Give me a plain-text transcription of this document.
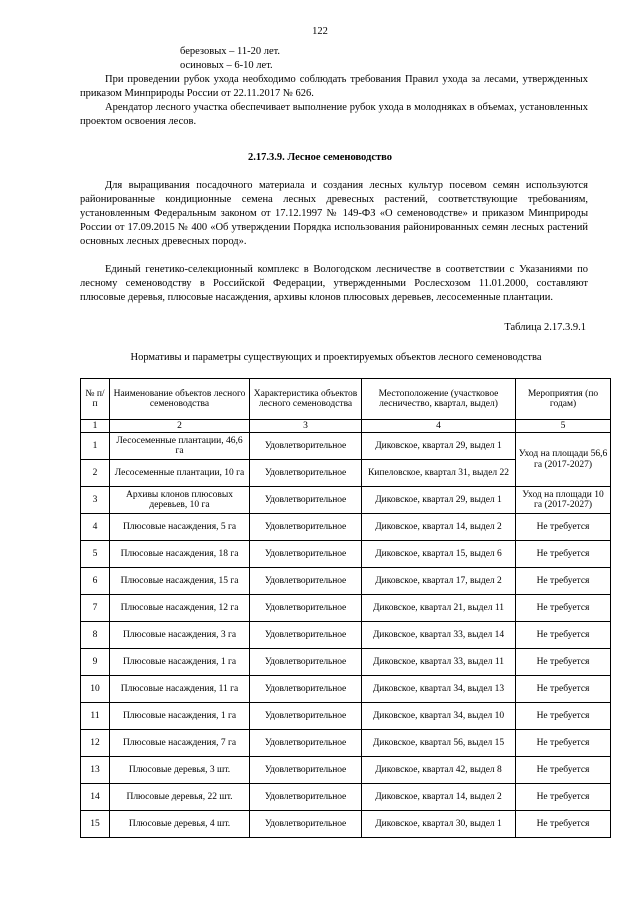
122
березовых – 11-20 лет.
осиновых – 6-10 лет.

При проведении рубок ухода необходимо соблюдать требования Правил ухода за лесами, утвержденных приказом Минприроды России от 22.11.2017 № 626.

Арендатор лесного участка обеспечивает выполнение рубок ухода в молодняках в объемах, установленных проектом освоения лесов.

2.17.3.9. Лесное семеноводство

Для выращивания посадочного материала и создания лесных культур посевом семян используются районированные кондиционные семена лесных древесных растений, соответствующие требованиям, установленным Федеральным законом от 17.12.1997 № 149-ФЗ «О семеноводстве» и приказом Минприроды России от 17.09.2015 № 400 «Об утверждении Порядка использования районированных семян лесных растений основных лесных древесных пород».

Единый генетико-селекционный комплекс в Вологодском лесничестве в соответствии с Указаниями по лесному семеноводству в Российской Федерации, утвержденными Рослесхозом 11.01.2000, составляют плюсовые деревья, плюсовые насаждения, архивы клонов плюсовых деревьев, лесосеменные плантации.

Таблица 2.17.3.9.1
Нормативы и параметры существующих и проектируемых объектов лесного семеноводства
№ п/п	Наименование объектов лесного семеноводства	Характеристика объектов лесного семеноводства	Местоположение (участковое лесничество, квартал, выдел)	Мероприятия (по годам)
1	2	3	4	5
1	Лесосеменные плантации, 46,6 га	Удовлетворительное	Диковское, квартал 29, выдел 1	Уход на площади 56,6 га (2017-2027)
2	Лесосеменные плантации, 10 га	Удовлетворительное	Кипеловское, квартал 31, выдел 22	
3	Архивы клонов плюсовых деревьев, 10 га	Удовлетворительное	Диковское, квартал 29, выдел 1	Уход на площади 10 га (2017-2027)
4	Плюсовые насаждения, 5 га	Удовлетворительное	Диковское, квартал 14, выдел 2	Не требуется
5	Плюсовые насаждения, 18 га	Удовлетворительное	Диковское, квартал 15, выдел 6	Не требуется
6	Плюсовые насаждения, 15 га	Удовлетворительное	Диковское, квартал 17, выдел 2	Не требуется
7	Плюсовые насаждения, 12 га	Удовлетворительное	Диковское, квартал 21, выдел 11	Не требуется
8	Плюсовые насаждения, 3 га	Удовлетворительное	Диковское, квартал 33, выдел 14	Не требуется
9	Плюсовые насаждения, 1 га	Удовлетворительное	Диковское, квартал 33, выдел 11	Не требуется
10	Плюсовые насаждения, 11 га	Удовлетворительное	Диковское, квартал 34, выдел 13	Не требуется
11	Плюсовые насаждения, 1 га	Удовлетворительное	Диковское, квартал 34, выдел 10	Не требуется
12	Плюсовые насаждения, 7 га	Удовлетворительное	Диковское, квартал 56, выдел 15	Не требуется
13	Плюсовые деревья, 3 шт.	Удовлетворительное	Диковское, квартал 42, выдел 8	Не требуется
14	Плюсовые деревья, 22 шт.	Удовлетворительное	Диковское, квартал 14, выдел 2	Не требуется
15	Плюсовые деревья, 4 шт.	Удовлетворительное	Диковское, квартал 30, выдел 1	Не требуется
